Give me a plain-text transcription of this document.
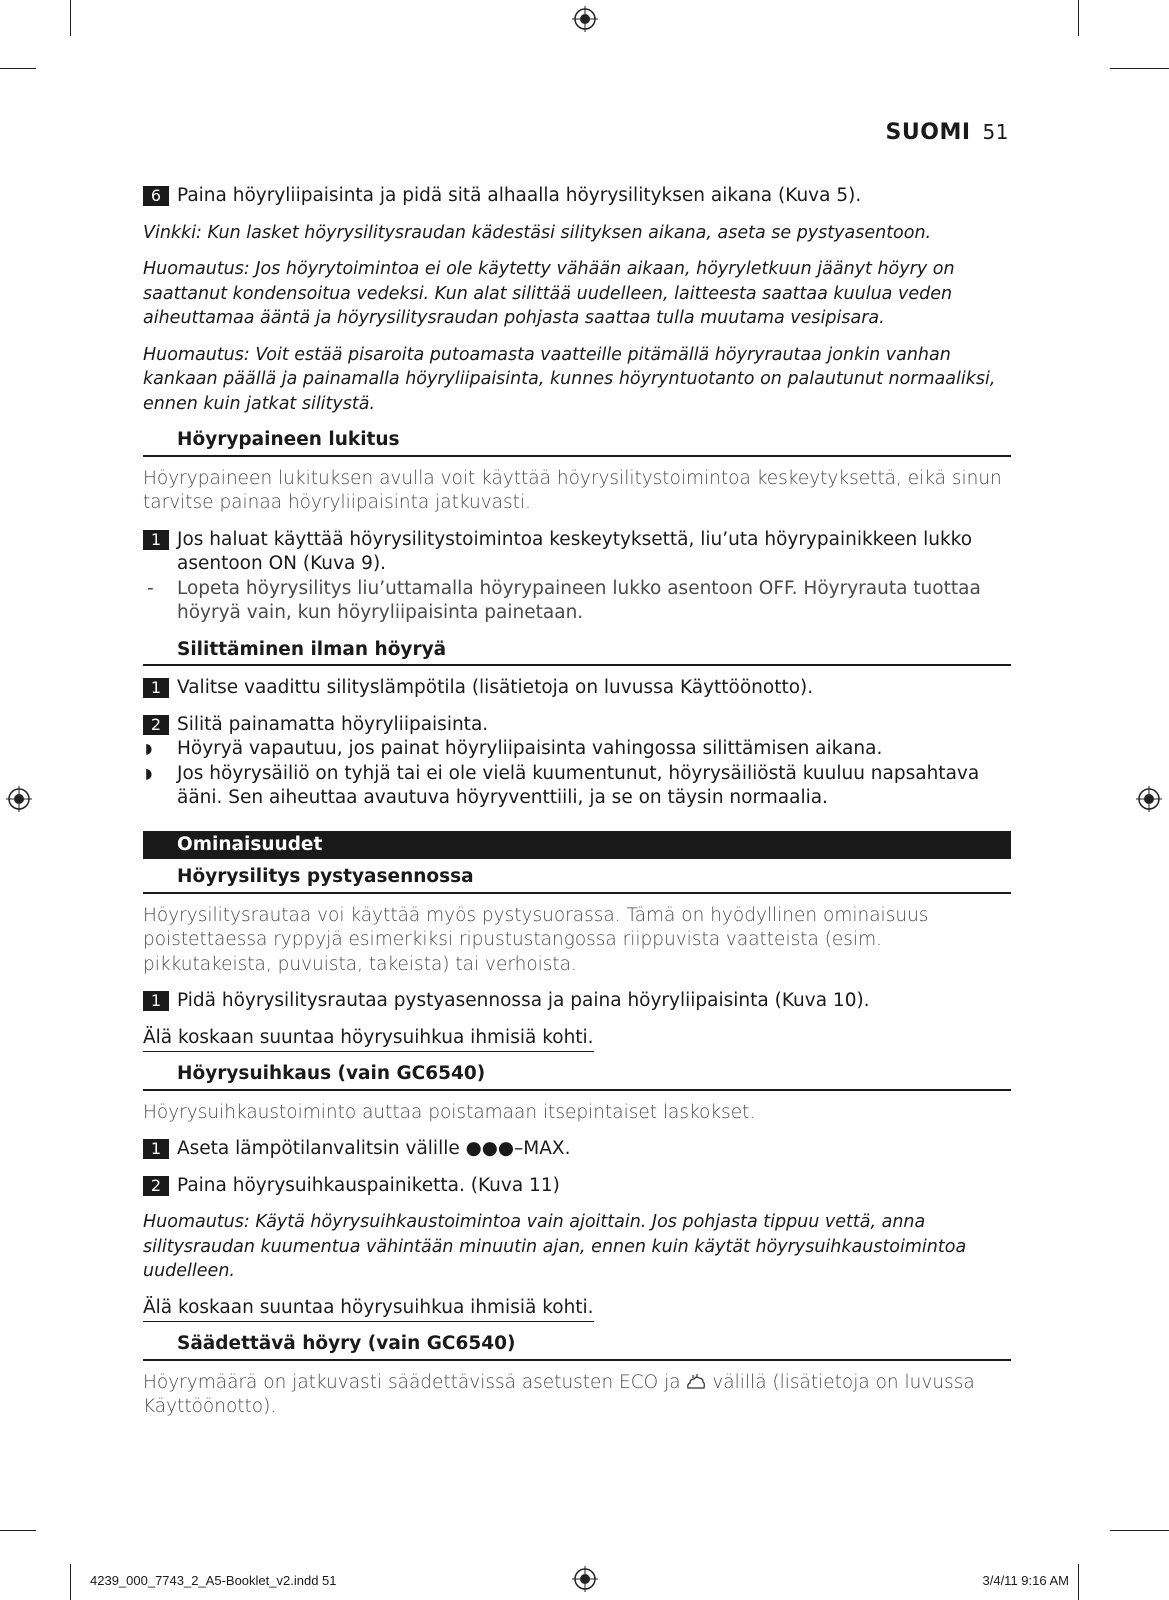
SUOMI 51
6 Paina höyryliipaisinta ja pidä sitä alhaalla höyrysilityksen aikana (Kuva 5).

Vinkki: Kun lasket höyrysilitysraudan kädestäsi silityksen aikana, aseta se pystyasentoon.

Huomautus: Jos höyrytoimintoa ei ole käytetty vähään aikaan, höyryletkuun jäänyt höyry on saattanut kondensoitua vedeksi. Kun alat silittää uudelleen, laitteesta saattaa kuulua veden aiheuttamaa ääntä ja höyrysilitysraudan pohjasta saattaa tulla muutama vesipisara.

Huomautus: Voit estää pisaroita putoamasta vaatteille pitämällä höyryrautaa jonkin vanhan kankaan päällä ja painamalla höyryliipaisinta, kunnes höyryntuotanto on palautunut normaaliksi, ennen kuin jatkat silitystä.

Höyrypaineen lukitus

Höyrypaineen lukituksen avulla voit käyttää höyrysilitystoimintoa keskeytyksettä, eikä sinun tarvitse painaa höyryliipaisinta jatkuvasti.

1 Jos haluat käyttää höyrysilitystoimintoa keskeytyksettä, liu’uta höyrypainikkeen lukko asentoon ON (Kuva 9).
- Lopeta höyrysilitys liu’uttamalla höyrypaineen lukko asentoon OFF. Höyryrauta tuottaa höyryä vain, kun höyryliipaisinta painetaan.
Silittäminen ilman höyryä
1 Valitse vaadittu silityslämpötila (lisätietoja on luvussa Käyttöönotto).
2 Silitä painamatta höyryliipaisinta.
◗ Höyryä vapautuu, jos painat höyryliipaisinta vahingossa silittämisen aikana.
◗ Jos höyrysäiliö on tyhjä tai ei ole vielä kuumentunut, höyrysäiliöstä kuuluu napsahtava ääni. Sen aiheuttaa avautuva höyryventtiili, ja se on täysin normaalia.
Ominaisuudet
Höyrysilitys pystyasennossa

Höyrysilitysrautaa voi käyttää myös pystysuorassa. Tämä on hyödyllinen ominaisuus poistettaessa ryppyjä esimerkiksi ripustustangossa riippuvista vaatteista (esim. pikkutakeista, puvuista, takeista) tai verhoista.

1 Pidä höyrysilitysrautaa pystyasennossa ja paina höyryliipaisinta (Kuva 10).
Älä koskaan suuntaa höyrysuihkua ihmisiä kohti.
Höyrysuihkaus (vain GC6540)

Höyrysuihkaustoiminto auttaa poistamaan itsepintaiset laskokset.

1 Aseta lämpötilanvalitsin välille ●●●–MAX.
2 Paina höyrysuihkauspainiketta. (Kuva 11)

Huomautus: Käytä höyrysuihkaustoimintoa vain ajoittain. Jos pohjasta tippuu vettä, anna silitysraudan kuumentua vähintään minuutin ajan, ennen kuin käytät höyrysuihkaustoimintoa uudelleen.

Älä koskaan suuntaa höyrysuihkua ihmisiä kohti.
Säädettävä höyry (vain GC6540)

Höyrymäärä on jatkuvasti säädettävissä asetusten ECO ja  välillä (lisätietoja on luvussa Käyttöönotto).

4239_000_7743_2_A5-Booklet_v2.indd 51	3/4/11 9:16 AM
